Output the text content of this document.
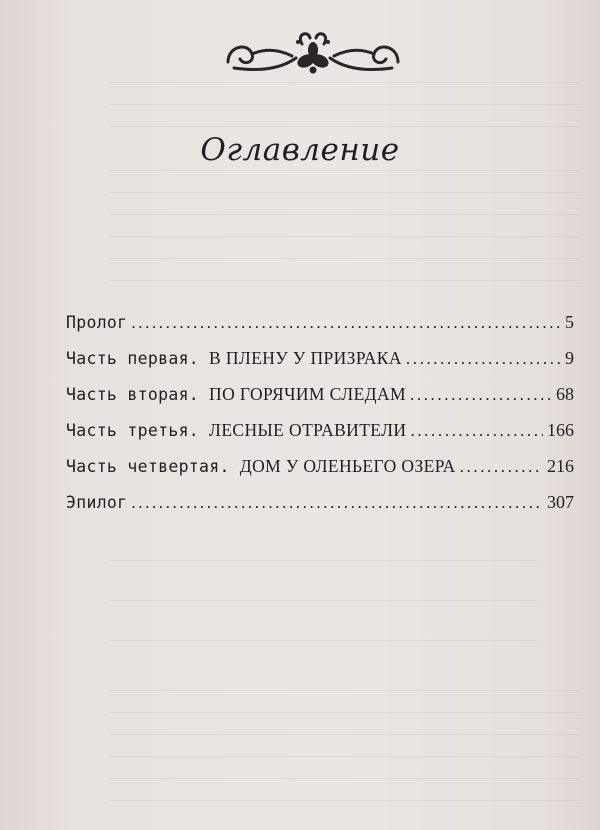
Оглавление
Пролог .....	5
Часть первая. В ПЛЕНУ У ПРИЗРАКА .....	9
Часть вторая. ПО ГОРЯЧИМ СЛЕДАМ .....	68
Часть третья. ЛЕСНЫЕ ОТРАВИТЕЛИ .....	166
Часть четвертая. ДОМ У ОЛЕНЬЕГО ОЗЕРА .....	216
Эпилог .....	307
